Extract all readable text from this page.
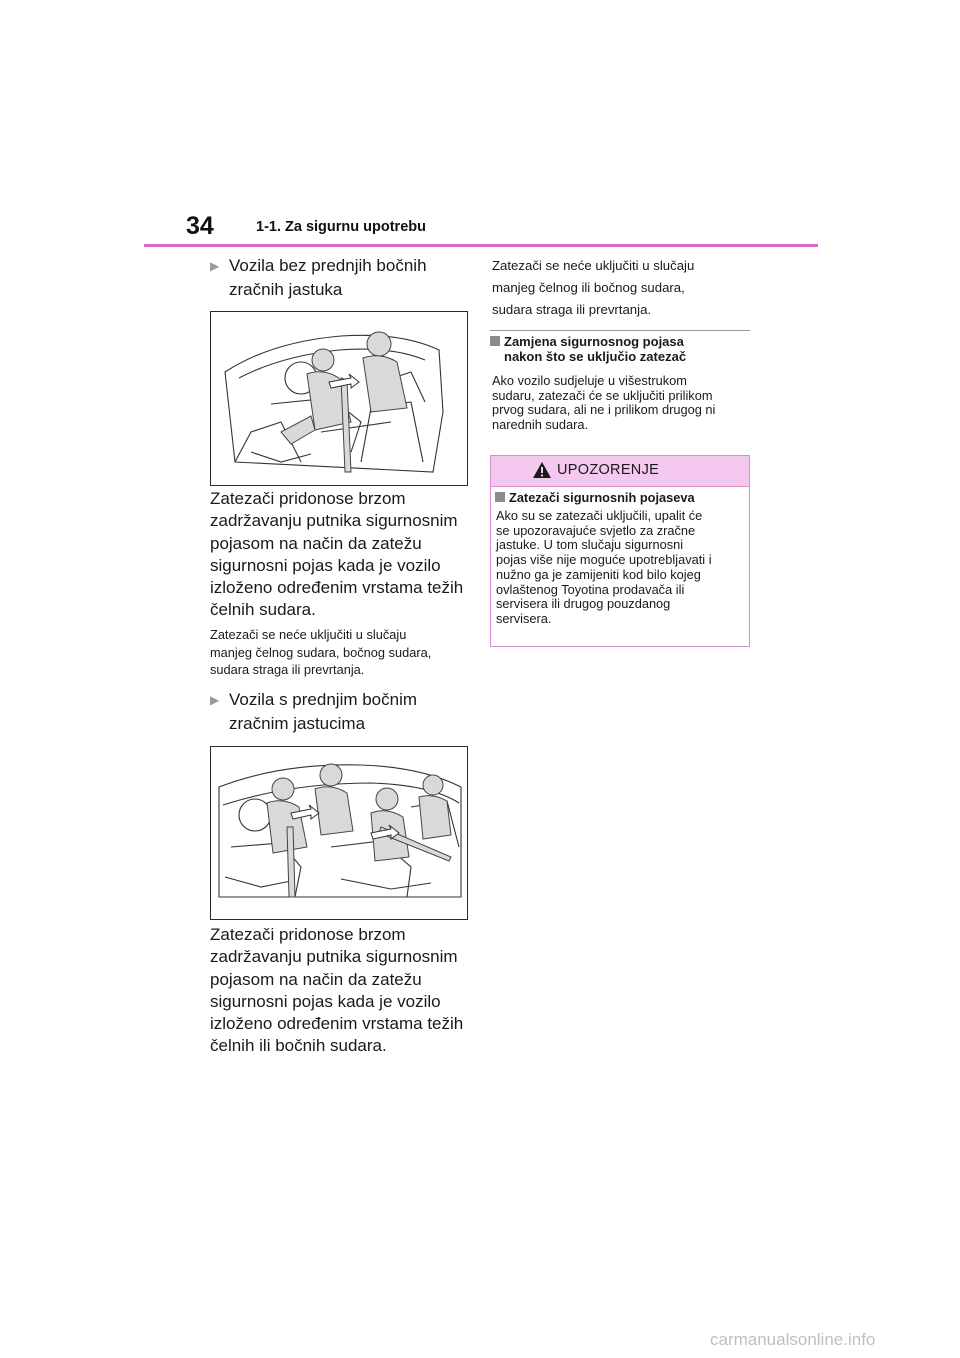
34	1-1. Za sigurnu upotrebu
▶ Vozila bez prednjih bočnih
zračnih jastuka
Zatezači pridonose brzom
zadržavanju putnika sigurnosnim
pojasom na način da zatežu
sigurnosni pojas kada je vozilo
izloženo određenim vrstama težih
čelnih sudara.
Zatezači se neće uključiti u slučaju
manjeg čelnog sudara, bočnog sudara,
sudara straga ili prevrtanja.
▶ Vozila s prednjim bočnim
zračnim jastucima
Zatezači pridonose brzom
zadržavanju putnika sigurnosnim
pojasom na način da zatežu
sigurnosni pojas kada je vozilo
izloženo određenim vrstama težih
čelnih ili bočnih sudara.
Zatezači se neće uključiti u slučaju
manjeg čelnog ili bočnog sudara,
sudara straga ili prevrtanja.
Zamjena sigurnosnog pojasa
nakon što se uključio zatezač
Ako vozilo sudjeluje u višestrukom
sudaru, zatezači će se uključiti prilikom
prvog sudara, ali ne i prilikom drugog ni
narednih sudara.
UPOZORENJE
Zatezači sigurnosnih pojaseva
Ako su se zatezači uključili, upalit će
se upozoravajuće svjetlo za zračne
jastuke. U tom slučaju sigurnosni
pojas više nije moguće upotrebljavati i
nužno ga je zamijeniti kod bilo kojeg
ovlaštenog Toyotina prodavača ili
servisera ili drugog pouzdanog
servisera.
carmanualsonline.info
